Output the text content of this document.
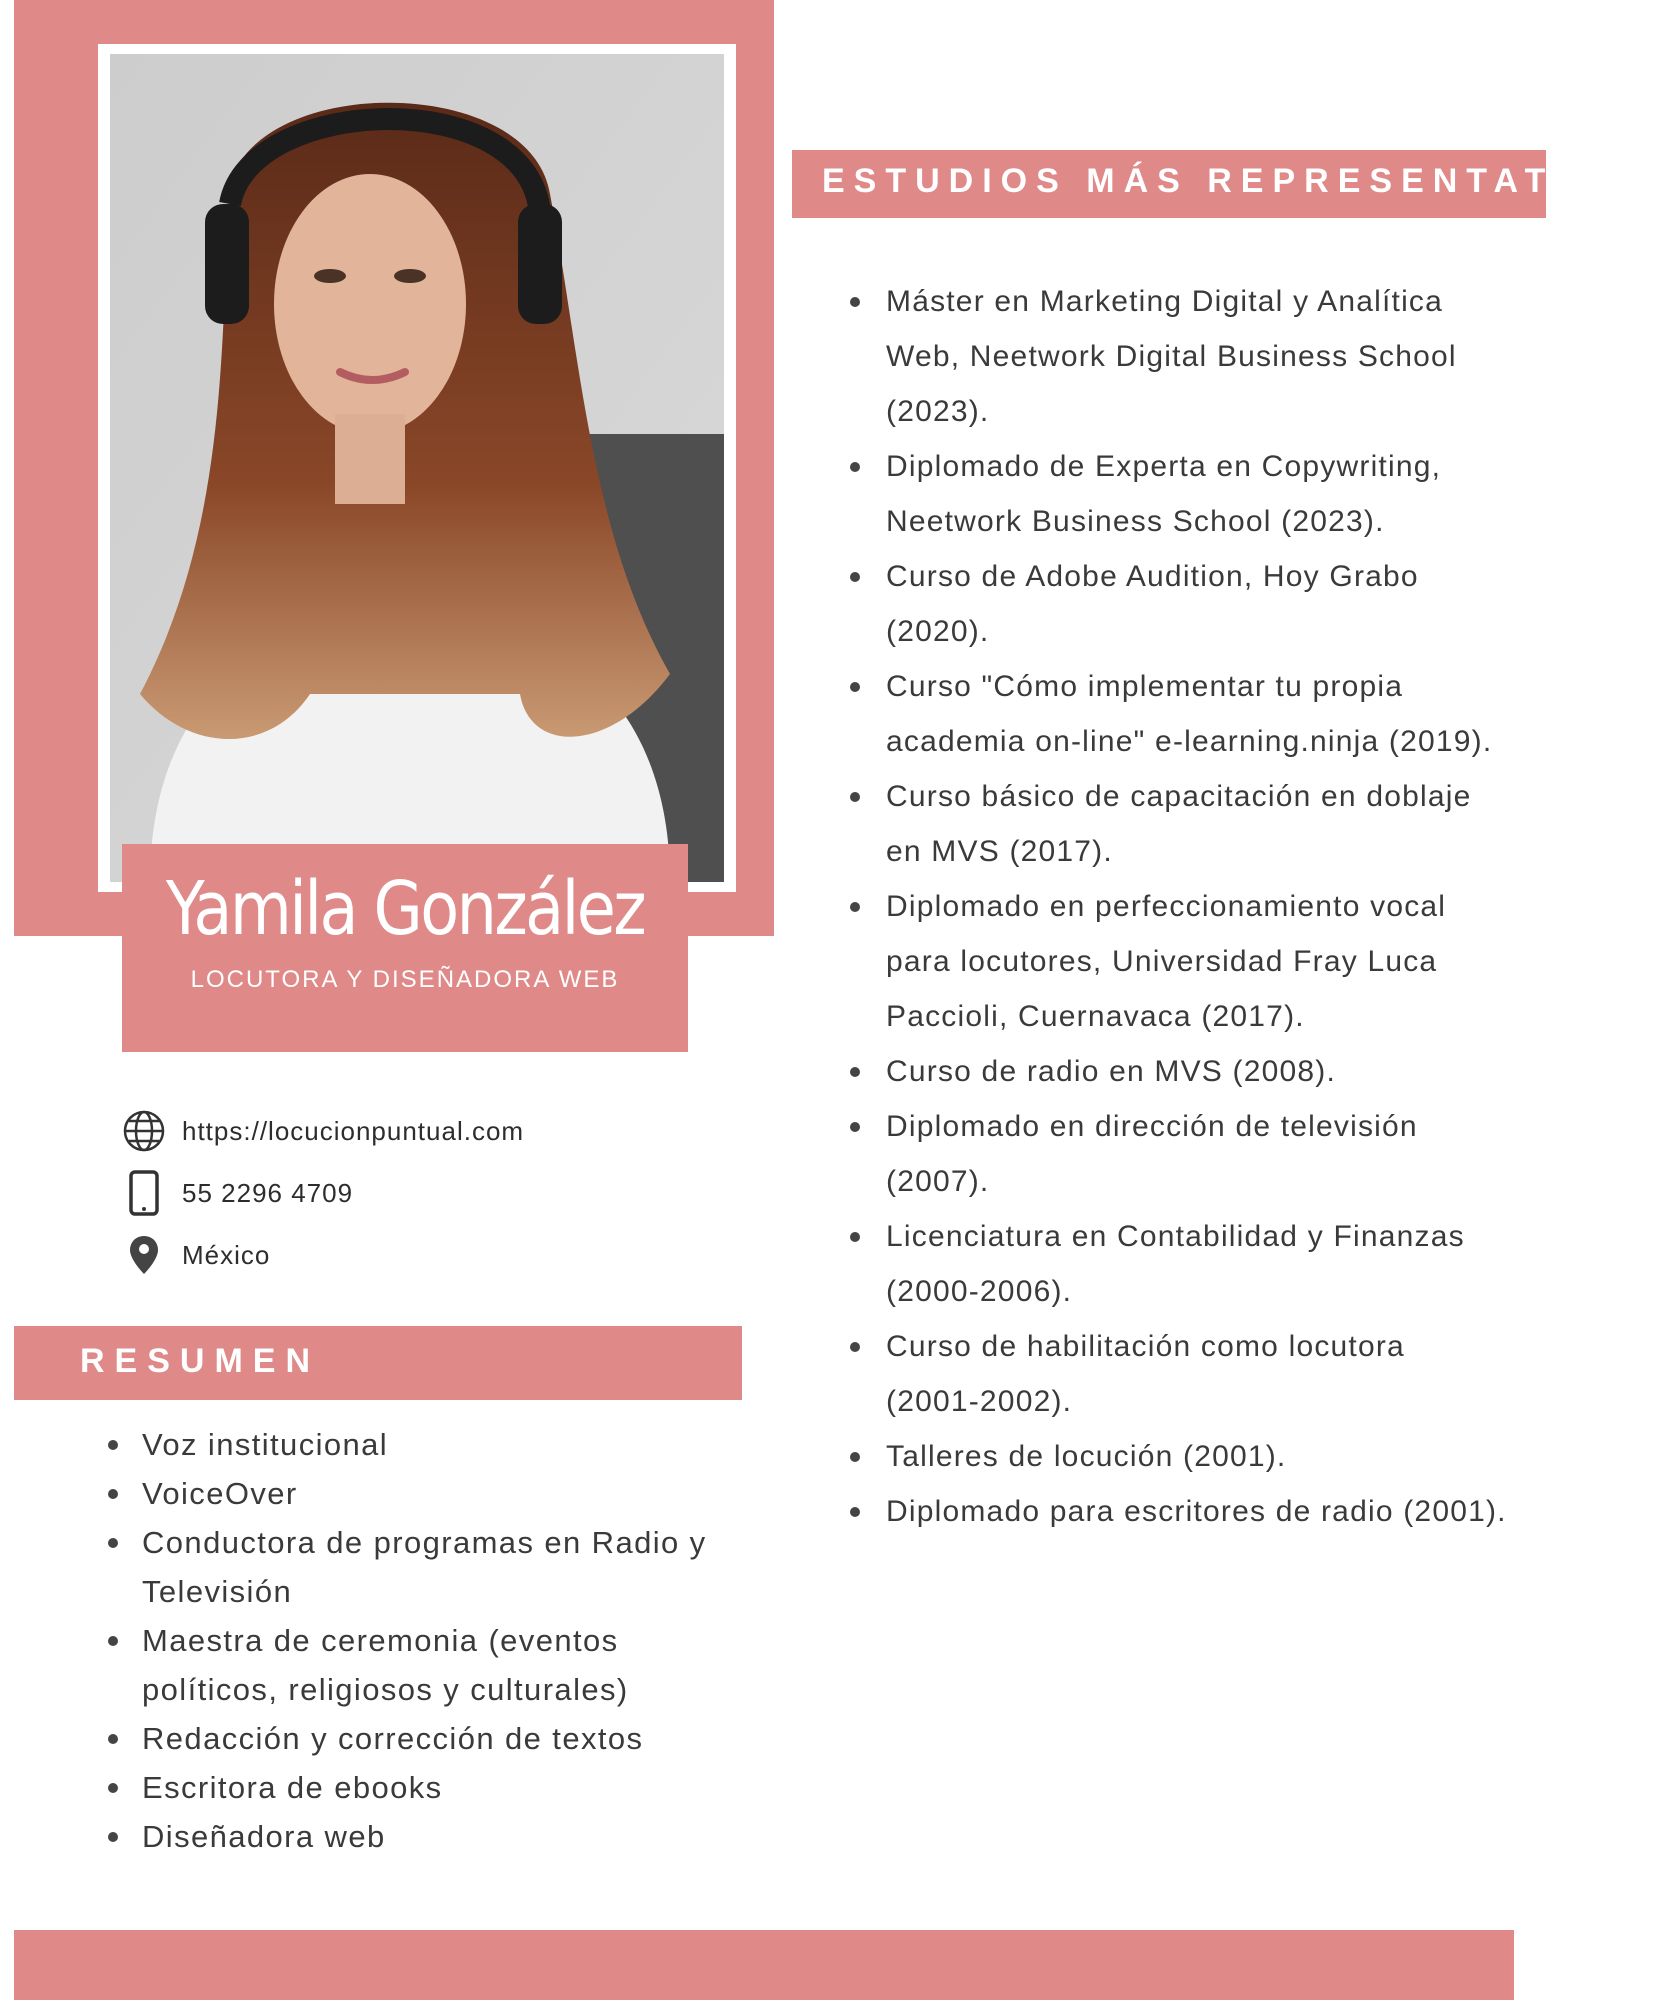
Yamila González
LOCUTORA Y DISEÑADORA WEB
https://locucionpuntual.com
55 2296 4709
México
RESUMEN
Voz institucional
VoiceOver
Conductora de programas en Radio y Televisión
Maestra de ceremonia (eventos políticos, religiosos y culturales)
Redacción y corrección de textos
Escritora de ebooks
Diseñadora web
ESTUDIOS MÁS REPRESENTATIVOS
Máster en Marketing Digital y Analítica Web, Neetwork Digital Business School (2023).
Diplomado de Experta en Copywriting, Neetwork Business School (2023).
Curso de Adobe Audition, Hoy Grabo (2020).
Curso "Cómo implementar tu propia academia on-line" e-learning.ninja (2019).
Curso básico de capacitación en doblaje en MVS (2017).
Diplomado en perfeccionamiento vocal para locutores, Universidad Fray Luca Paccioli, Cuernavaca (2017).
Curso de radio en MVS (2008).
Diplomado en dirección de televisión (2007).
Licenciatura en Contabilidad y Finanzas (2000-2006).
Curso de habilitación como locutora (2001-2002).
Talleres de locución (2001).
Diplomado para escritores de radio (2001).
